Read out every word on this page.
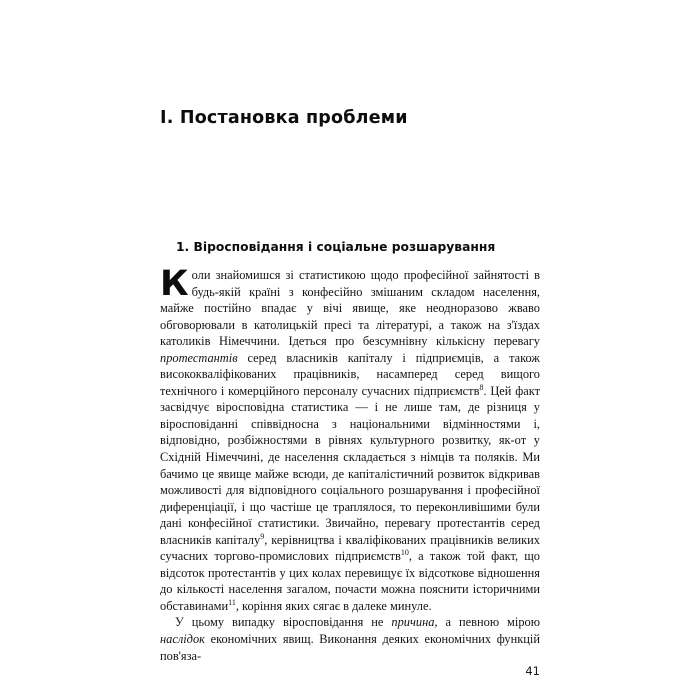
I. Постановка проблеми
1. Віросповідання і соціальне розшарування

Коли знайомишся зі статистикою щодо професійної зайнятості в будь-якій країні з конфесійно змішаним складом населення, майже постійно впадає у вічі явище, яке неодноразово жваво обговорювали в католицькій пресі та літературі, а також на з'їздах католиків Німеччини. Ідеться про безсумнівну кількісну перевагу протестантів серед власників капіталу і підприємців, а також висококваліфікованих працівників, насамперед серед вищого технічного і комерційного персоналу сучасних підприємств$^8$. Цей факт засвідчує віросповідна статистика — і не лише там, де різниця у віросповіданні співвідносна з національними відмінностями і, відповідно, розбіжностями в рівнях культурного розвитку, як-от у Східній Німеччині, де населення складається з німців та поляків. Ми бачимо це явище майже всюди, де капіталістичний розвиток відкривав можливості для відповідного соціального розшарування і професійної диференціації, і що частіше це траплялося, то переконливішими були дані конфесійної статистики. Звичайно, перевагу протестантів серед власників капіталу$^9$, керівництва і кваліфікованих працівників великих сучасних торгово-промислових підприємств$^{10}$, а також той факт, що відсоток протестантів у цих колах перевищує їх відсоткове відношення до кількості населення загалом, почасти можна пояснити історичними обставинами$^{11}$, коріння яких сягає в далеке минуле.

У цьому випадку віросповідання не причина, а певною мірою наслідок економічних явищ. Виконання деяких економічних функцій пов'яза-

41
